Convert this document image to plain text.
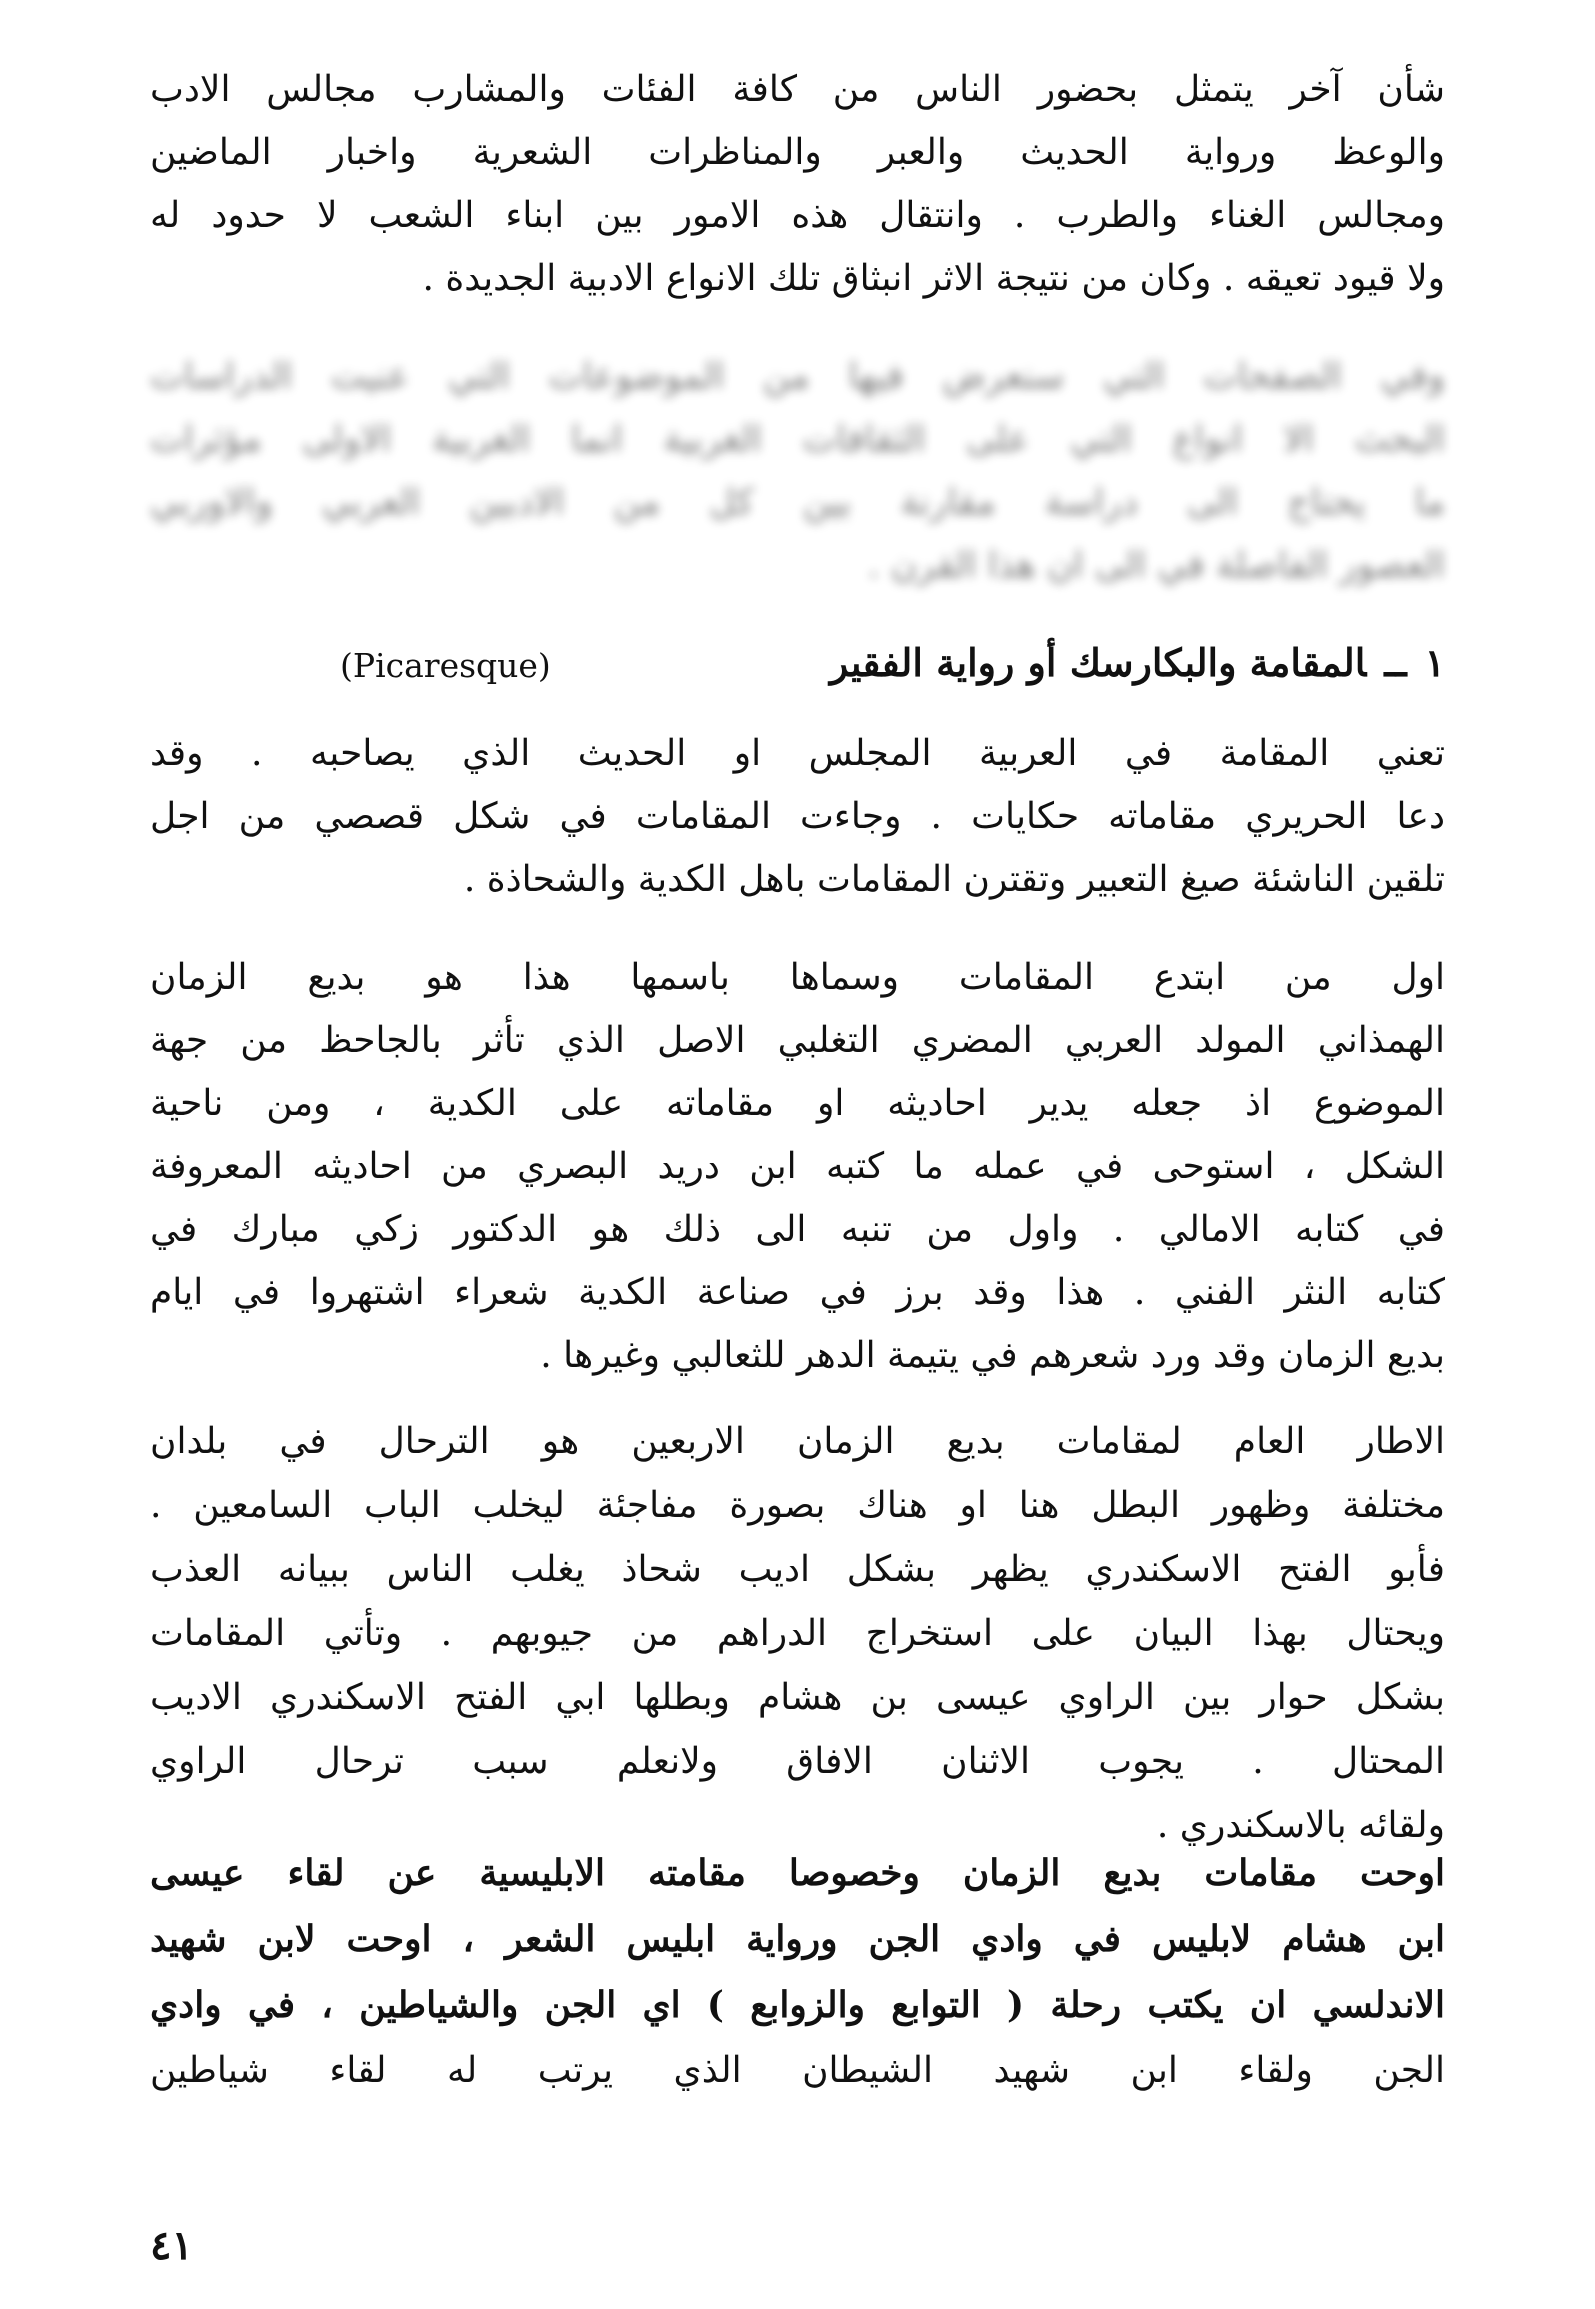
شأن آخر يتمثل بحضور الناس من كافة الفئات والمشارب مجالس الادب
والوعظ ورواية الحديث والعبر والمناظرات الشعرية واخبار الماضين
ومجالس الغناء والطرب . وانتقال هذه الامور بين ابناء الشعب لا حدود له
ولا قيود تعيقه . وكان من نتيجة الاثر انبثاق تلك الانواع الادبية الجديدة .
وفي الصفحات التي سنعرض فيها من الموضوعات التي عنيت الدراسات
البحث الا انواع التي على الثقافات الغربية انما الغربية الاولى مؤثرات
ما يحتاج الى دراسة مقارنة بين كل من الادبين العربي والاوربي
العصور الفاصلة في الى ان هذا القرن .
١ــالمقامة والبكارسك أو رواية الفقير
(Picaresque)
تعني المقامة في العربية المجلس او الحديث الذي يصاحبه . وقد
دعا الحريري مقاماته حكايات . وجاءت المقامات في شكل قصصي من اجل
تلقين الناشئة صيغ التعبير وتقترن المقامات باهل الكدية والشحاذة .
اول من ابتدع المقامات وسماها باسمها هذا هو بديع الزمان
الهمذاني المولد العربي المضري التغلبي الاصل الذي تأثر بالجاحظ من جهة
الموضوع اذ جعله يدير احاديثه او مقاماته على الكدية ، ومن ناحية
الشكل ، استوحى في عمله ما كتبه ابن دريد البصري من احاديثه المعروفة
في كتابه الامالي . واول من تنبه الى ذلك هو الدكتور زكي مبارك في
كتابه النثر الفني . هذا وقد برز في صناعة الكدية شعراء اشتهروا في ايام
بديع الزمان وقد ورد شعرهم في يتيمة الدهر للثعالبي وغيرها .
الاطار العام لمقامات بديع الزمان الاربعين هو الترحال في بلدان
مختلفة وظهور البطل هنا او هناك بصورة مفاجئة ليخلب الباب السامعين .
فأبو الفتح الاسكندري يظهر بشكل اديب شحاذ يغلب الناس ببيانه العذب
ويحتال بهذا البيان على استخراج الدراهم من جيوبهم . وتأتي المقامات
بشكل حوار بين الراوي عيسى بن هشام وبطلها ابي الفتح الاسكندري الاديب
المحتال . يجوب الاثنان الافاق ولانعلم سبب ترحال الراوي
ولقائه بالاسكندري .
اوحت مقامات بديع الزمان وخصوصا مقامته الابليسية عن لقاء عيسى
ابن هشام لابليس في وادي الجن ورواية ابليس الشعر ، اوحت لابن شهيد
الاندلسي ان يكتب رحلة ( التوابع والزوابع ) اي الجن والشياطين ، في وادي
الجن ولقاء ابن شهيد الشيطان الذي يرتب له لقاء شياطين
٤١
